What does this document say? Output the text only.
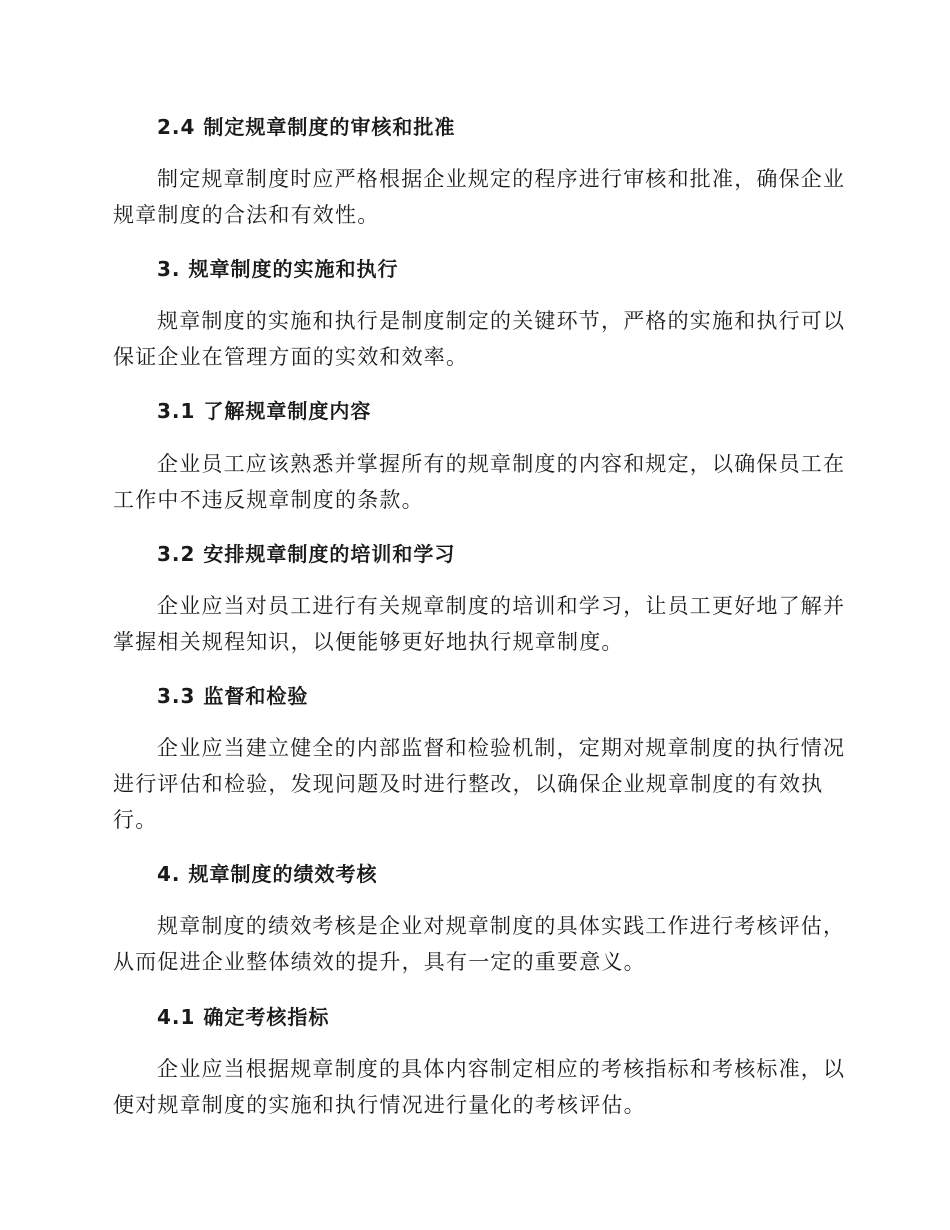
2.4 制定规章制度的审核和批准
制定规章制度时应严格根据企业规定的程序进行审核和批准，确保企业
规章制度的合法和有效性。
3. 规章制度的实施和执行
规章制度的实施和执行是制度制定的关键环节，严格的实施和执行可以
保证企业在管理方面的实效和效率。
3.1 了解规章制度内容
企业员工应该熟悉并掌握所有的规章制度的内容和规定，以确保员工在
工作中不违反规章制度的条款。
3.2 安排规章制度的培训和学习
企业应当对员工进行有关规章制度的培训和学习，让员工更好地了解并
掌握相关规程知识，以便能够更好地执行规章制度。
3.3 监督和检验
企业应当建立健全的内部监督和检验机制，定期对规章制度的执行情况
进行评估和检验，发现问题及时进行整改，以确保企业规章制度的有效执
行。
4. 规章制度的绩效考核
规章制度的绩效考核是企业对规章制度的具体实践工作进行考核评估，
从而促进企业整体绩效的提升，具有一定的重要意义。
4.1 确定考核指标
企业应当根据规章制度的具体内容制定相应的考核指标和考核标准，以
便对规章制度的实施和执行情况进行量化的考核评估。
